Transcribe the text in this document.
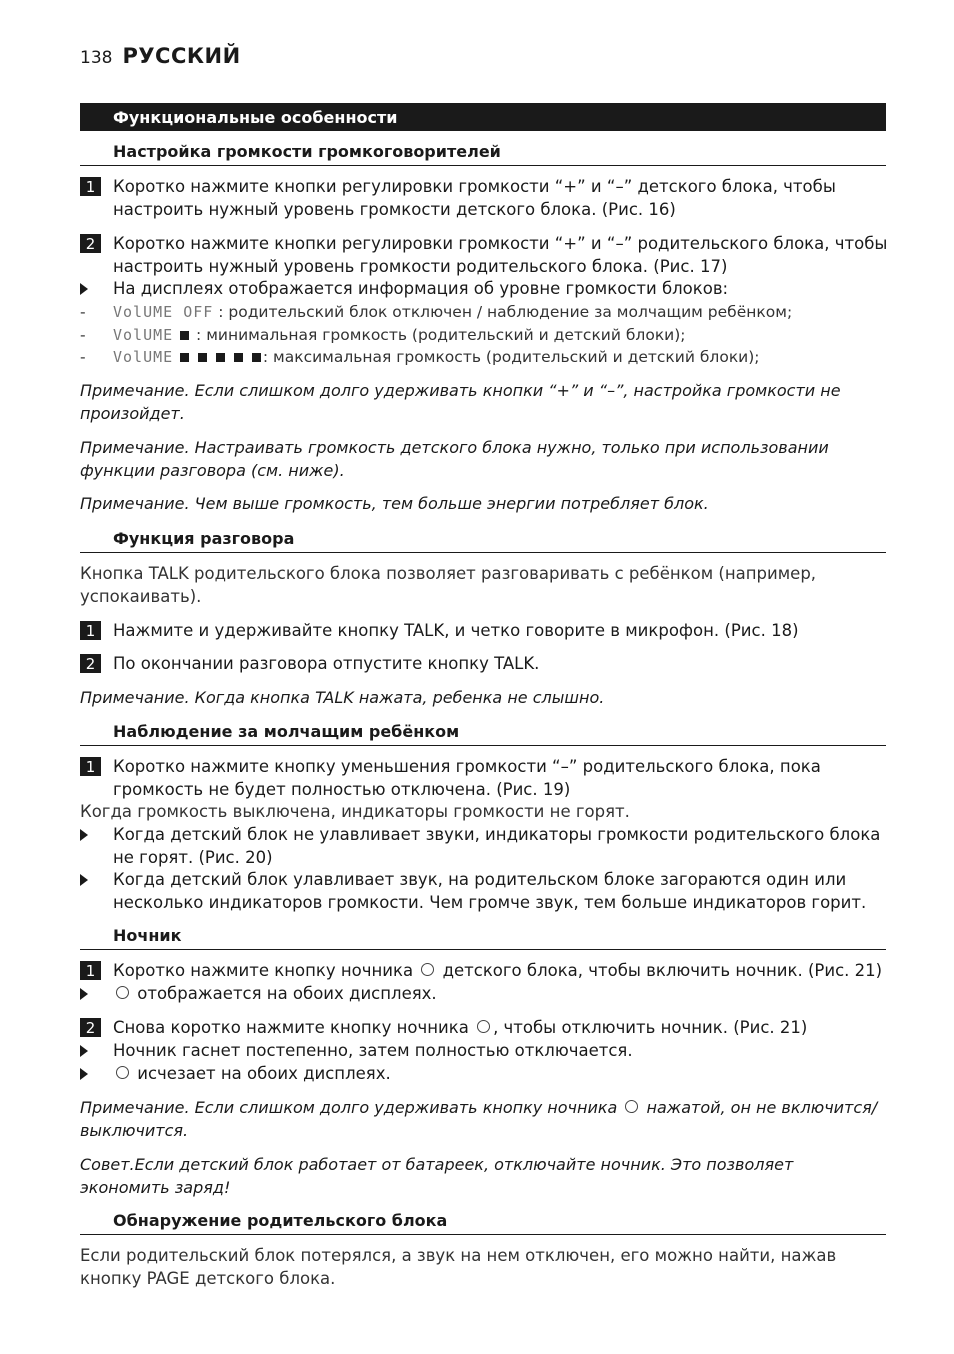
138 РУССКИЙ
Функциональные особенности
Настройка громкости громкоговорителей
1	Коротко нажмите кнопки регулировки громкости “+” и “–” детского блока, чтобы настроить нужный уровень громкости детского блока. (Рис. 16)
2	Коротко нажмите кнопки регулировки громкости “+” и “–” родительского блока, чтобы настроить нужный уровень громкости родительского блока. (Рис. 17)
На дисплеях отображается информация об уровне громкости блоков:
- VolUME OFF : родительский блок отключен / наблюдение за молчащим ребёнком;
- VolUME  : минимальная громкость (родительский и детский блоки);
- VolUME	: максимальная громкость (родительский и детский блоки);
Примечание. Если слишком долго удерживать кнопки “+” и “–”, настройка громкости не произойдет.
Примечание. Настраивать громкость детского блока нужно, только при использовании функции разговора (см. ниже).
Примечание. Чем выше громкость, тем больше энергии потребляет блок.
Функция разговора
Кнопка TALK родительского блока позволяет разговаривать с ребёнком (например, успокаивать).
1	Нажмите и удерживайте кнопку TALK, и четко говорите в микрофон. (Рис. 18)
2	По окончании разговора отпустите кнопку TALK.
Примечание. Когда кнопка TALK нажата, ребенка не слышно.
Наблюдение за молчащим ребёнком
1	Коротко нажмите кнопку уменьшения громкости “–” родительского блока, пока громкость не будет полностью отключена. (Рис. 19)
Когда громкость выключена, индикаторы громкости не горят.
Когда детский блок не улавливает звуки, индикаторы громкости родительского блока не горят. (Рис. 20)
Когда детский блок улавливает звук, на родительском блоке загораются один или несколько индикаторов громкости. Чем громче звук, тем больше индикаторов горит.
Ночник
1	Коротко нажмите кнопку ночника детского блока, чтобы включить ночник. (Рис. 21)
отображается на обоих дисплеях.
2	Снова коротко нажмите кнопку ночника , чтобы отключить ночник. (Рис. 21)
Ночник гаснет постепенно, затем полностью отключается.
исчезает на обоих дисплеях.
Примечание. Если слишком долго удерживать кнопку ночника нажатой, он не включится/выключится.
Совет.Если детский блок работает от батареек, отключайте ночник. Это позволяет экономить заряд!
Обнаружение родительского блока
Если родительский блок потерялся, а звук на нем отключен, его можно найти, нажав кнопку PAGE детского блока.
